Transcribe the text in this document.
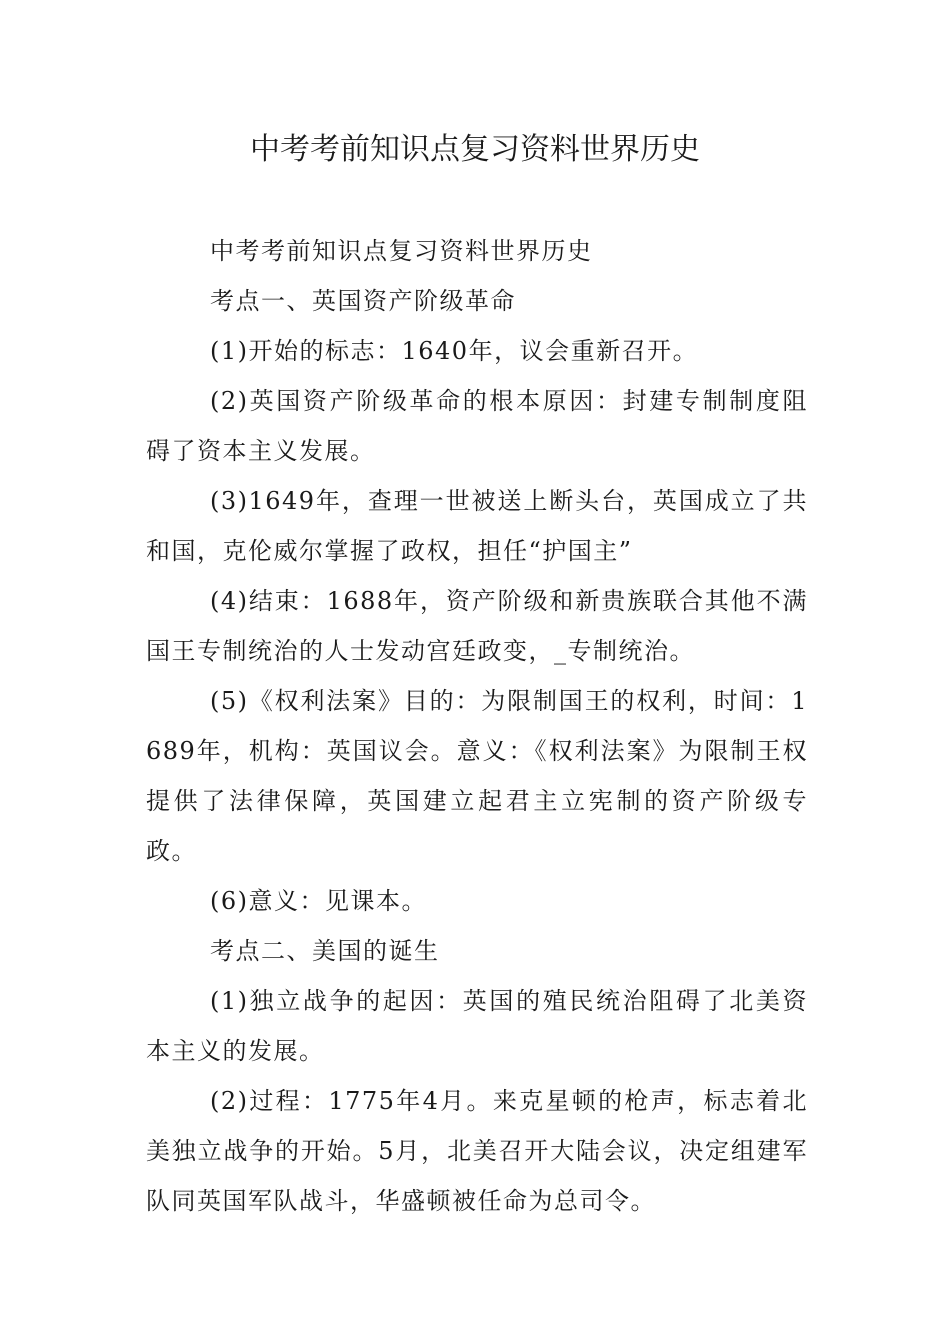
中考考前知识点复习资料世界历史

中考考前知识点复习资料世界历史

考点一、英国资产阶级革命

(1)开始的标志：1640年，议会重新召开。

(2)英国资产阶级革命的根本原因：封建专制制度阻碍了资本主义发展。

(3)1649年，查理一世被送上断头台，英国成立了共和国，克伦威尔掌握了政权，担任“护国主”

(4)结束：1688年，资产阶级和新贵族联合其他不满国王专制统治的人士发动宫廷政变，_专制统治。

(5)《权利法案》目的：为限制国王的权利，时间：1689年，机构：英国议会。意义：《权利法案》为限制王权提供了法律保障，英国建立起君主立宪制的资产阶级专政。

(6)意义：见课本。

考点二、美国的诞生

(1)独立战争的起因：英国的殖民统治阻碍了北美资本主义的发展。

(2)过程：1775年4月。来克星顿的枪声，标志着北美独立战争的开始。5月，北美召开大陆会议，决定组建军队同英国军队战斗，华盛顿被任命为总司令。
